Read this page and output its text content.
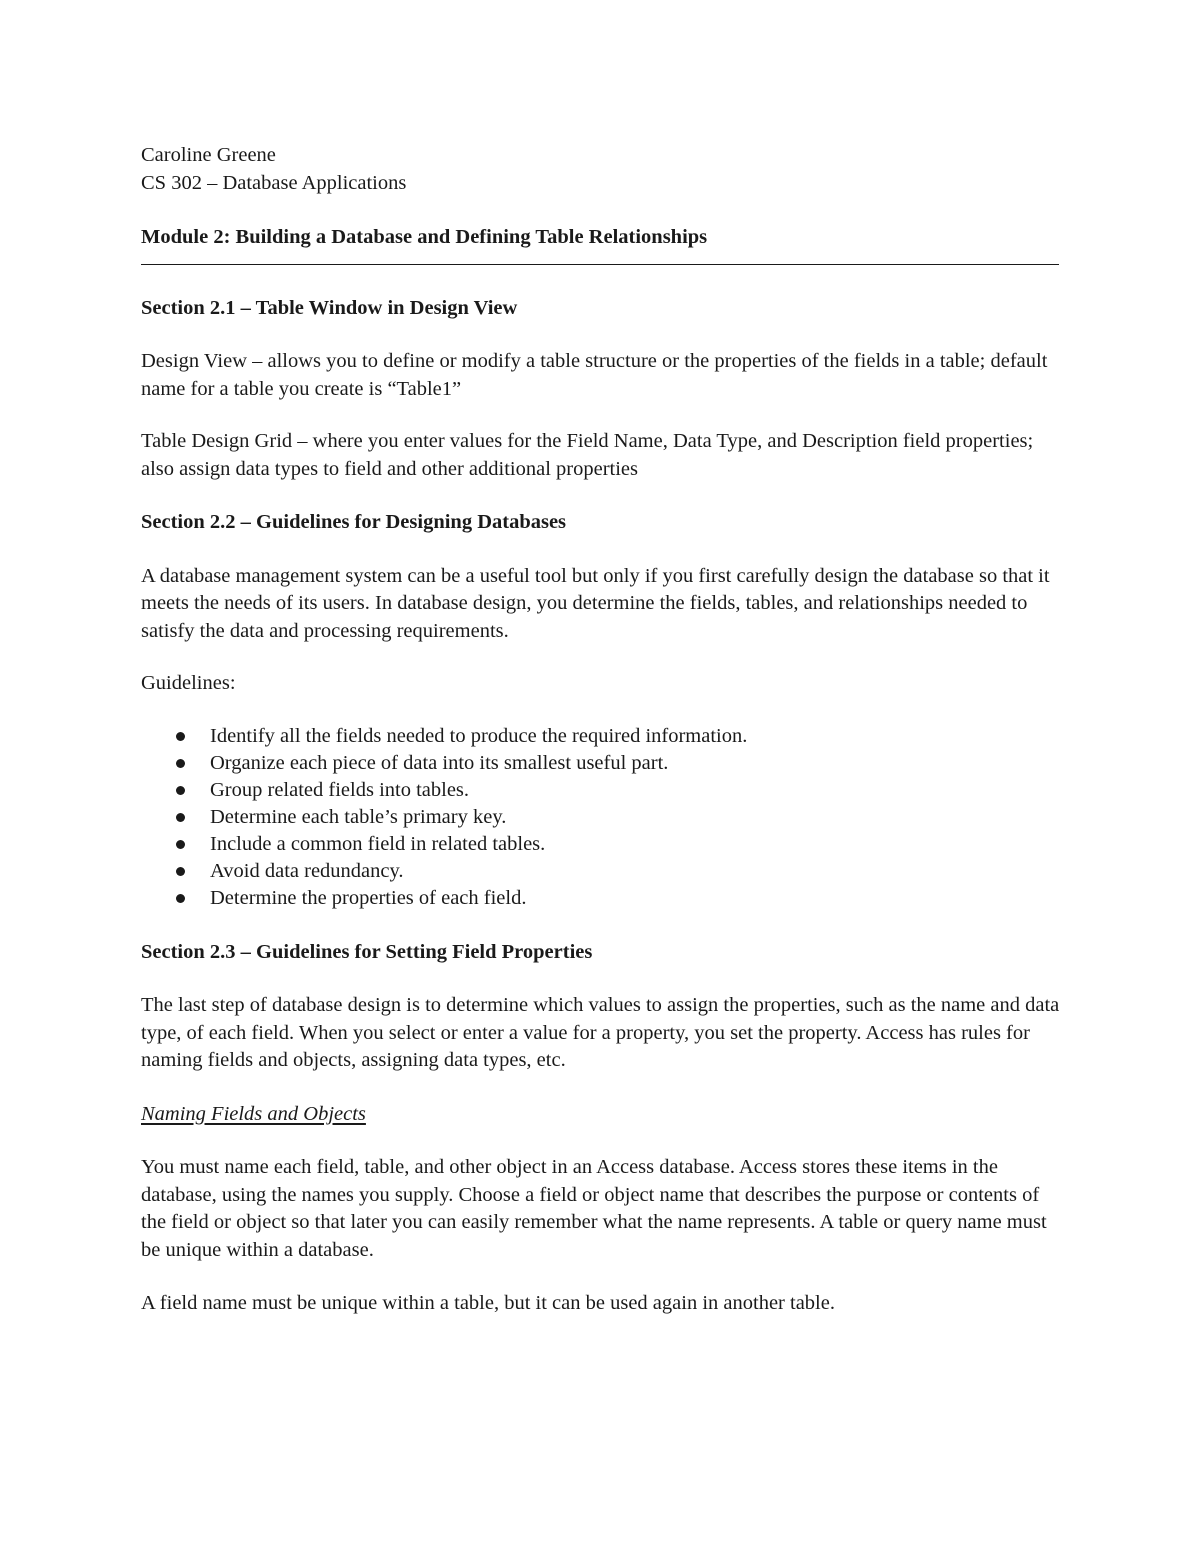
Caroline Greene

CS 302 – Database Applications

Module 2: Building a Database and Defining Table Relationships

Section 2.1 – Table Window in Design View

Design View – allows you to define or modify a table structure or the properties of the fields in a table; default name for a table you create is “Table1”

Table Design Grid – where you enter values for the Field Name, Data Type, and Description field properties; also assign data types to field and other additional properties

Section 2.2 – Guidelines for Designing Databases

A database management system can be a useful tool but only if you first carefully design the database so that it meets the needs of its users. In database design, you determine the fields, tables, and relationships needed to satisfy the data and processing requirements.

Guidelines:

Identify all the fields needed to produce the required information.
Organize each piece of data into its smallest useful part.
Group related fields into tables.
Determine each table’s primary key.
Include a common field in related tables.
Avoid data redundancy.
Determine the properties of each field.

Section 2.3 – Guidelines for Setting Field Properties

The last step of database design is to determine which values to assign the properties, such as the name and data type, of each field. When you select or enter a value for a property, you set the property. Access has rules for naming fields and objects, assigning data types, etc.

Naming Fields and Objects

You must name each field, table, and other object in an Access database. Access stores these items in the database, using the names you supply. Choose a field or object name that describes the purpose or contents of the field or object so that later you can easily remember what the name represents. A table or query name must be unique within a database.

A field name must be unique within a table, but it can be used again in another table.
